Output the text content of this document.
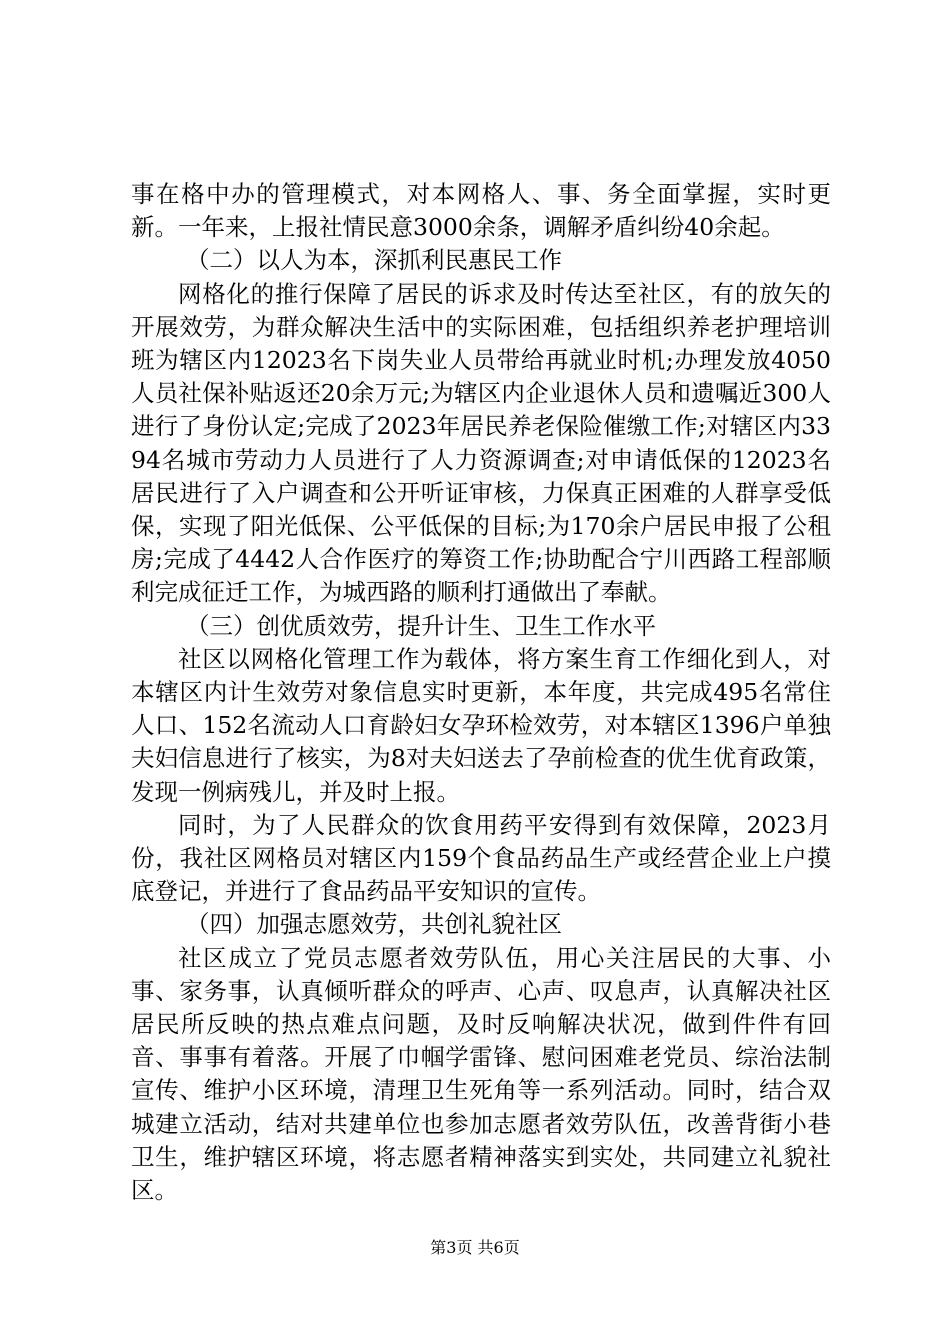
事在格中办的管理模式，对本网格人、事、务全面掌握，实时更新。一年来，上报社情民意3000余条，调解矛盾纠纷40余起。

（二）以人为本，深抓利民惠民工作

网格化的推行保障了居民的诉求及时传达至社区，有的放矢的开展效劳，为群众解决生活中的实际困难，包括组织养老护理培训班为辖区内12023名下岗失业人员带给再就业时机;办理发放4050人员社保补贴返还20余万元;为辖区内企业退休人员和遗嘱近300人进行了身份认定;完成了2023年居民养老保险催缴工作;对辖区内3394名城市劳动力人员进行了人力资源调查;对申请低保的12023名居民进行了入户调查和公开听证审核，力保真正困难的人群享受低保，实现了阳光低保、公平低保的目标;为170余户居民申报了公租房;完成了4442人合作医疗的筹资工作;协助配合宁川西路工程部顺利完成征迁工作，为城西路的顺利打通做出了奉献。

（三）创优质效劳，提升计生、卫生工作水平

社区以网格化管理工作为载体，将方案生育工作细化到人，对本辖区内计生效劳对象信息实时更新，本年度，共完成495名常住人口、152名流动人口育龄妇女孕环检效劳，对本辖区1396户单独夫妇信息进行了核实，为8对夫妇送去了孕前检查的优生优育政策，发现一例病残儿，并及时上报。

同时，为了人民群众的饮食用药平安得到有效保障，2023月份，我社区网格员对辖区内159个食品药品生产或经营企业上户摸底登记，并进行了食品药品平安知识的宣传。

（四）加强志愿效劳，共创礼貌社区

社区成立了党员志愿者效劳队伍，用心关注居民的大事、小事、家务事，认真倾听群众的呼声、心声、叹息声，认真解决社区居民所反映的热点难点问题，及时反响解决状况，做到件件有回音、事事有着落。开展了巾帼学雷锋、慰问困难老党员、综治法制宣传、维护小区环境，清理卫生死角等一系列活动。同时，结合双城建立活动，结对共建单位也参加志愿者效劳队伍，改善背街小巷卫生，维护辖区环境，将志愿者精神落实到实处，共同建立礼貌社区。

第3页 共6页
